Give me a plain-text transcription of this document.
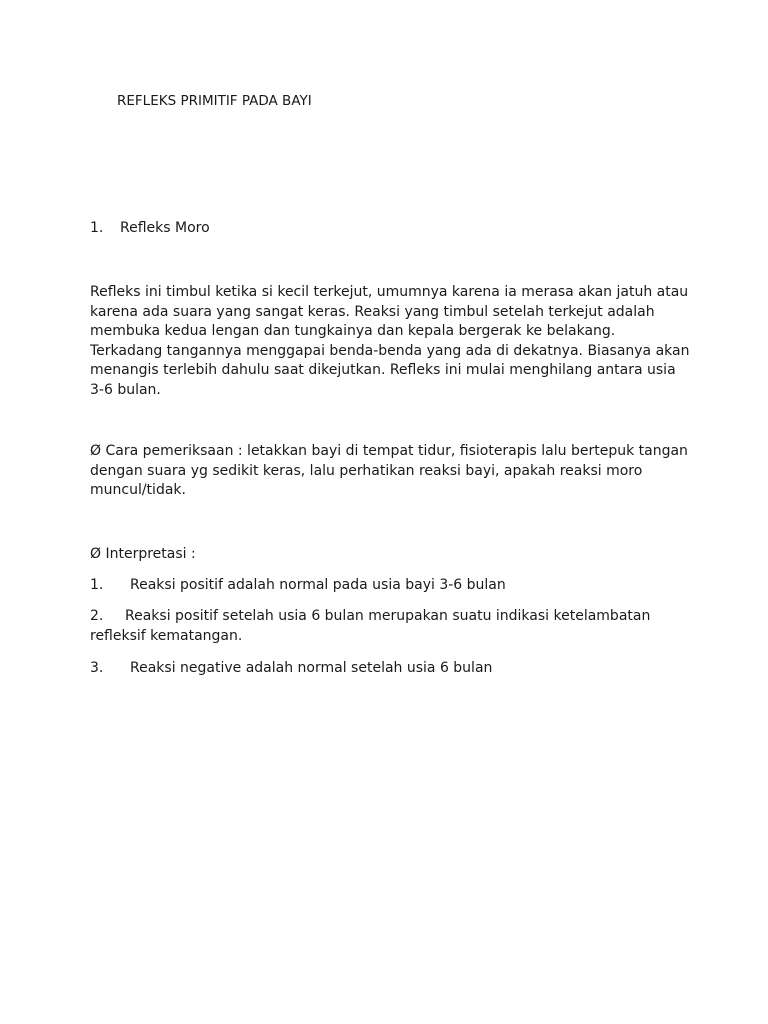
REFLEKS PRIMITIF PADA BAYI
1. Refleks Moro

Refleks ini timbul ketika si kecil terkejut, umumnya karena ia merasa akan jatuh atau karena ada suara yang sangat keras. Reaksi yang timbul setelah terkejut adalah membuka kedua lengan dan tungkainya dan kepala bergerak ke belakang. Terkadang tangannya menggapai benda-benda yang ada di dekatnya. Biasanya akan menangis terlebih dahulu saat dikejutkan. Refleks ini mulai menghilang antara usia 3-6 bulan.

Ø Cara pemeriksaan : letakkan bayi di tempat tidur, fisioterapis lalu bertepuk tangan dengan suara yg sedikit keras, lalu perhatikan reaksi bayi, apakah reaksi moro muncul/tidak.

Ø Interpretasi :

1. Reaksi positif adalah normal pada usia bayi 3-6 bulan
2. Reaksi positif setelah usia 6 bulan merupakan suatu indikasi ketelambatan refleksif kematangan.
3. Reaksi negative adalah normal setelah usia 6 bulan
